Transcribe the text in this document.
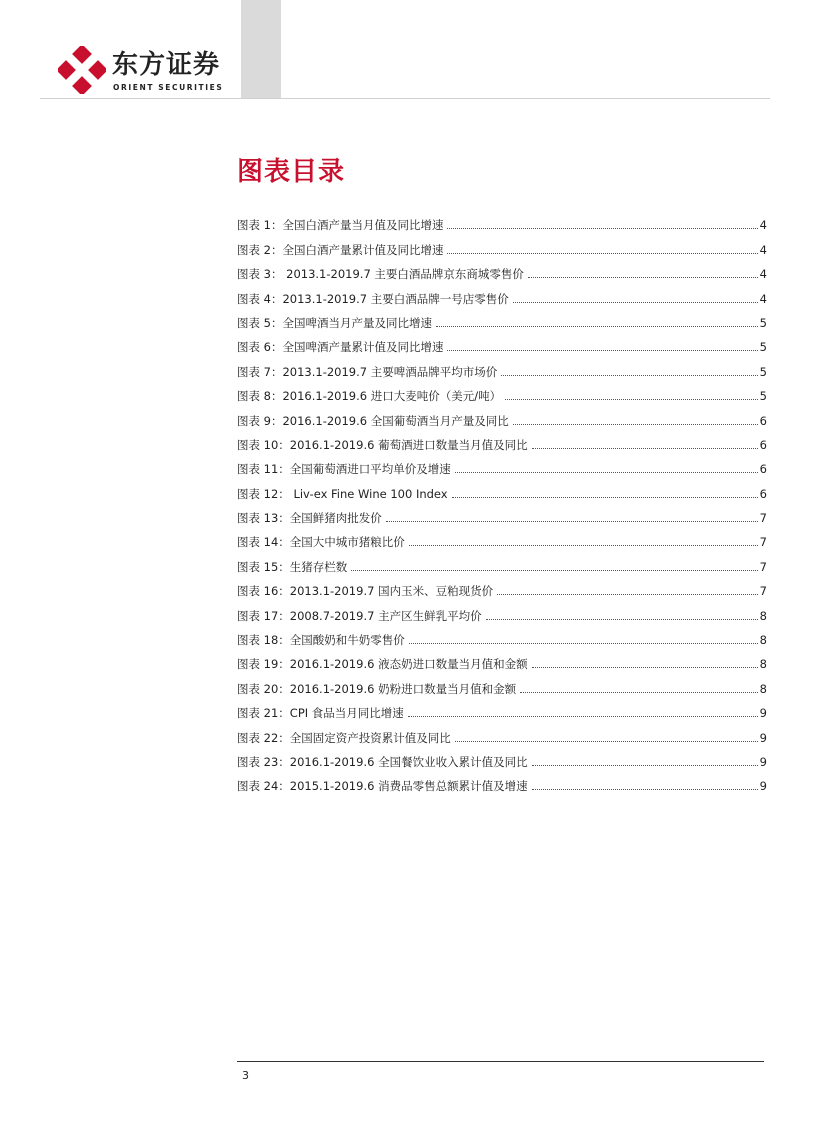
东方证券
ORIENT SECURITIES
图表目录
图表 1：全国白酒产量当月值及同比增速	4
图表 2：全国白酒产量累计值及同比增速	4
图表 3： 2013.1-2019.7 主要白酒品牌京东商城零售价	4
图表 4：2013.1-2019.7 主要白酒品牌一号店零售价	4
图表 5：全国啤酒当月产量及同比增速	5
图表 6：全国啤酒产量累计值及同比增速	5
图表 7：2013.1-2019.7 主要啤酒品牌平均市场价	5
图表 8：2016.1-2019.6 进口大麦吨价（美元/吨）	5
图表 9：2016.1-2019.6 全国葡萄酒当月产量及同比	6
图表 10：2016.1-2019.6 葡萄酒进口数量当月值及同比	6
图表 11：全国葡萄酒进口平均单价及增速	6
图表 12： Liv-ex Fine Wine 100 Index	6
图表 13：全国鲜猪肉批发价	7
图表 14：全国大中城市猪粮比价	7
图表 15：生猪存栏数	7
图表 16：2013.1-2019.7 国内玉米、豆粕现货价	7
图表 17：2008.7-2019.7 主产区生鲜乳平均价	8
图表 18：全国酸奶和牛奶零售价	8
图表 19：2016.1-2019.6 液态奶进口数量当月值和金额	8
图表 20：2016.1-2019.6 奶粉进口数量当月值和金额	8
图表 21：CPI 食品当月同比增速	9
图表 22：全国固定资产投资累计值及同比	9
图表 23：2016.1-2019.6 全国餐饮业收入累计值及同比	9
图表 24：2015.1-2019.6 消费品零售总额累计值及增速	9
3
